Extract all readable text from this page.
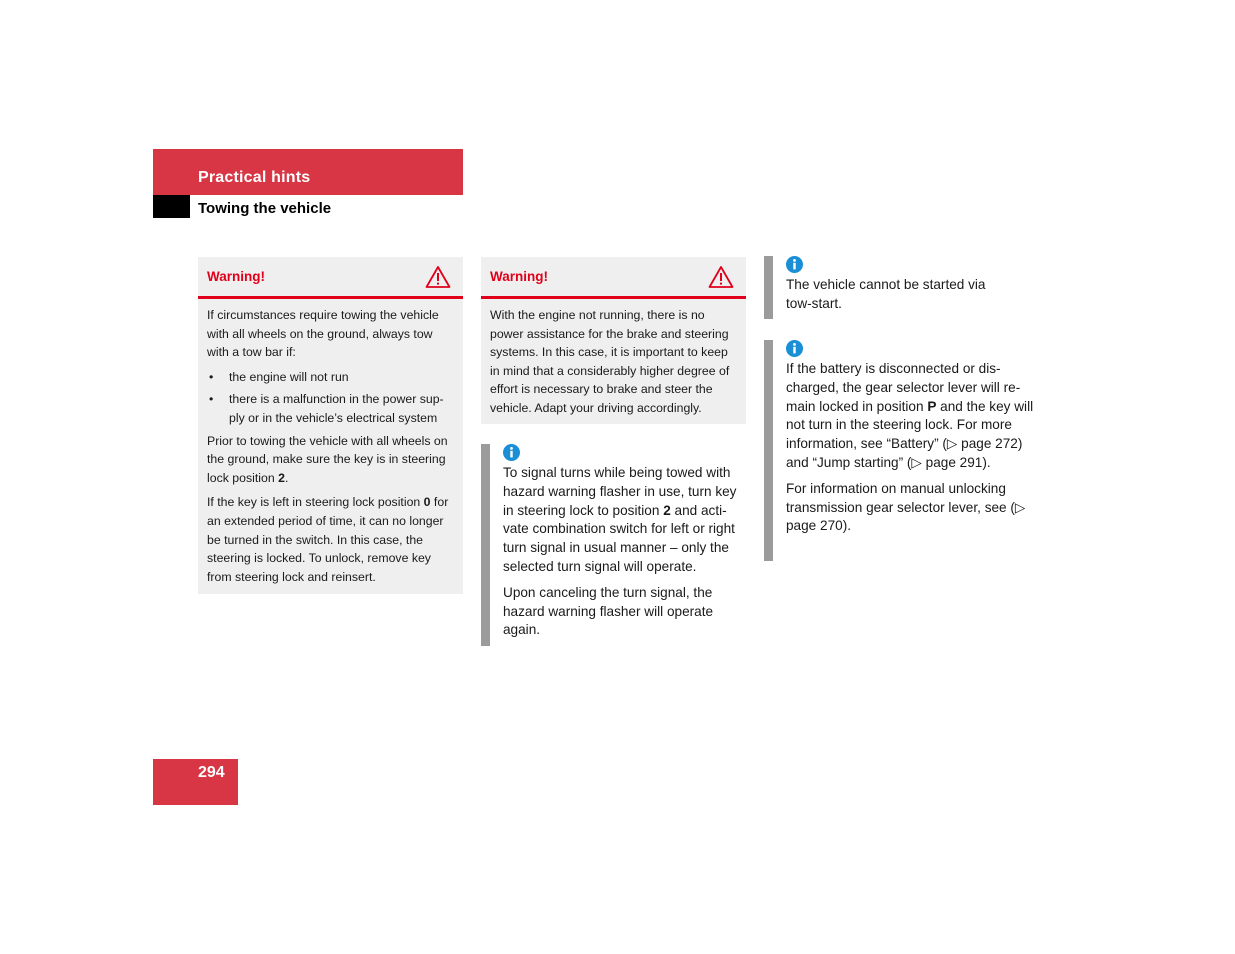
Practical hints
Towing the vehicle
Warning!

If circumstances require towing the vehicle with all wheels on the ground, always tow with a tow bar if:

• the engine will not run
• there is a malfunction in the power sup-ply or in the vehicle’s electrical system

Prior to towing the vehicle with all wheels on the ground, make sure the key is in steering lock position 2.

If the key is left in steering lock position 0 for an extended period of time, it can no longer be turned in the switch. In this case, the steering is locked. To unlock, remove key from steering lock and reinsert.

Warning!

With the engine not running, there is no power assistance for the brake and steering systems. In this case, it is important to keep in mind that a considerably higher degree of effort is necessary to brake and steer the vehicle. Adapt your driving accordingly.

To signal turns while being towed with hazard warning flasher in use, turn key in steering lock to position 2 and acti-vate combination switch for left or right turn signal in usual manner – only the selected turn signal will operate.

Upon canceling the turn signal, the hazard warning flasher will operate again.

The vehicle cannot be started via tow-start.

If the battery is disconnected or dis-charged, the gear selector lever will re-main locked in position P and the key will not turn in the steering lock. For more information, see “Battery” (▷ page 272) and “Jump starting” (▷ page 291).

For information on manual unlocking transmission gear selector lever, see (▷ page 270).

294
